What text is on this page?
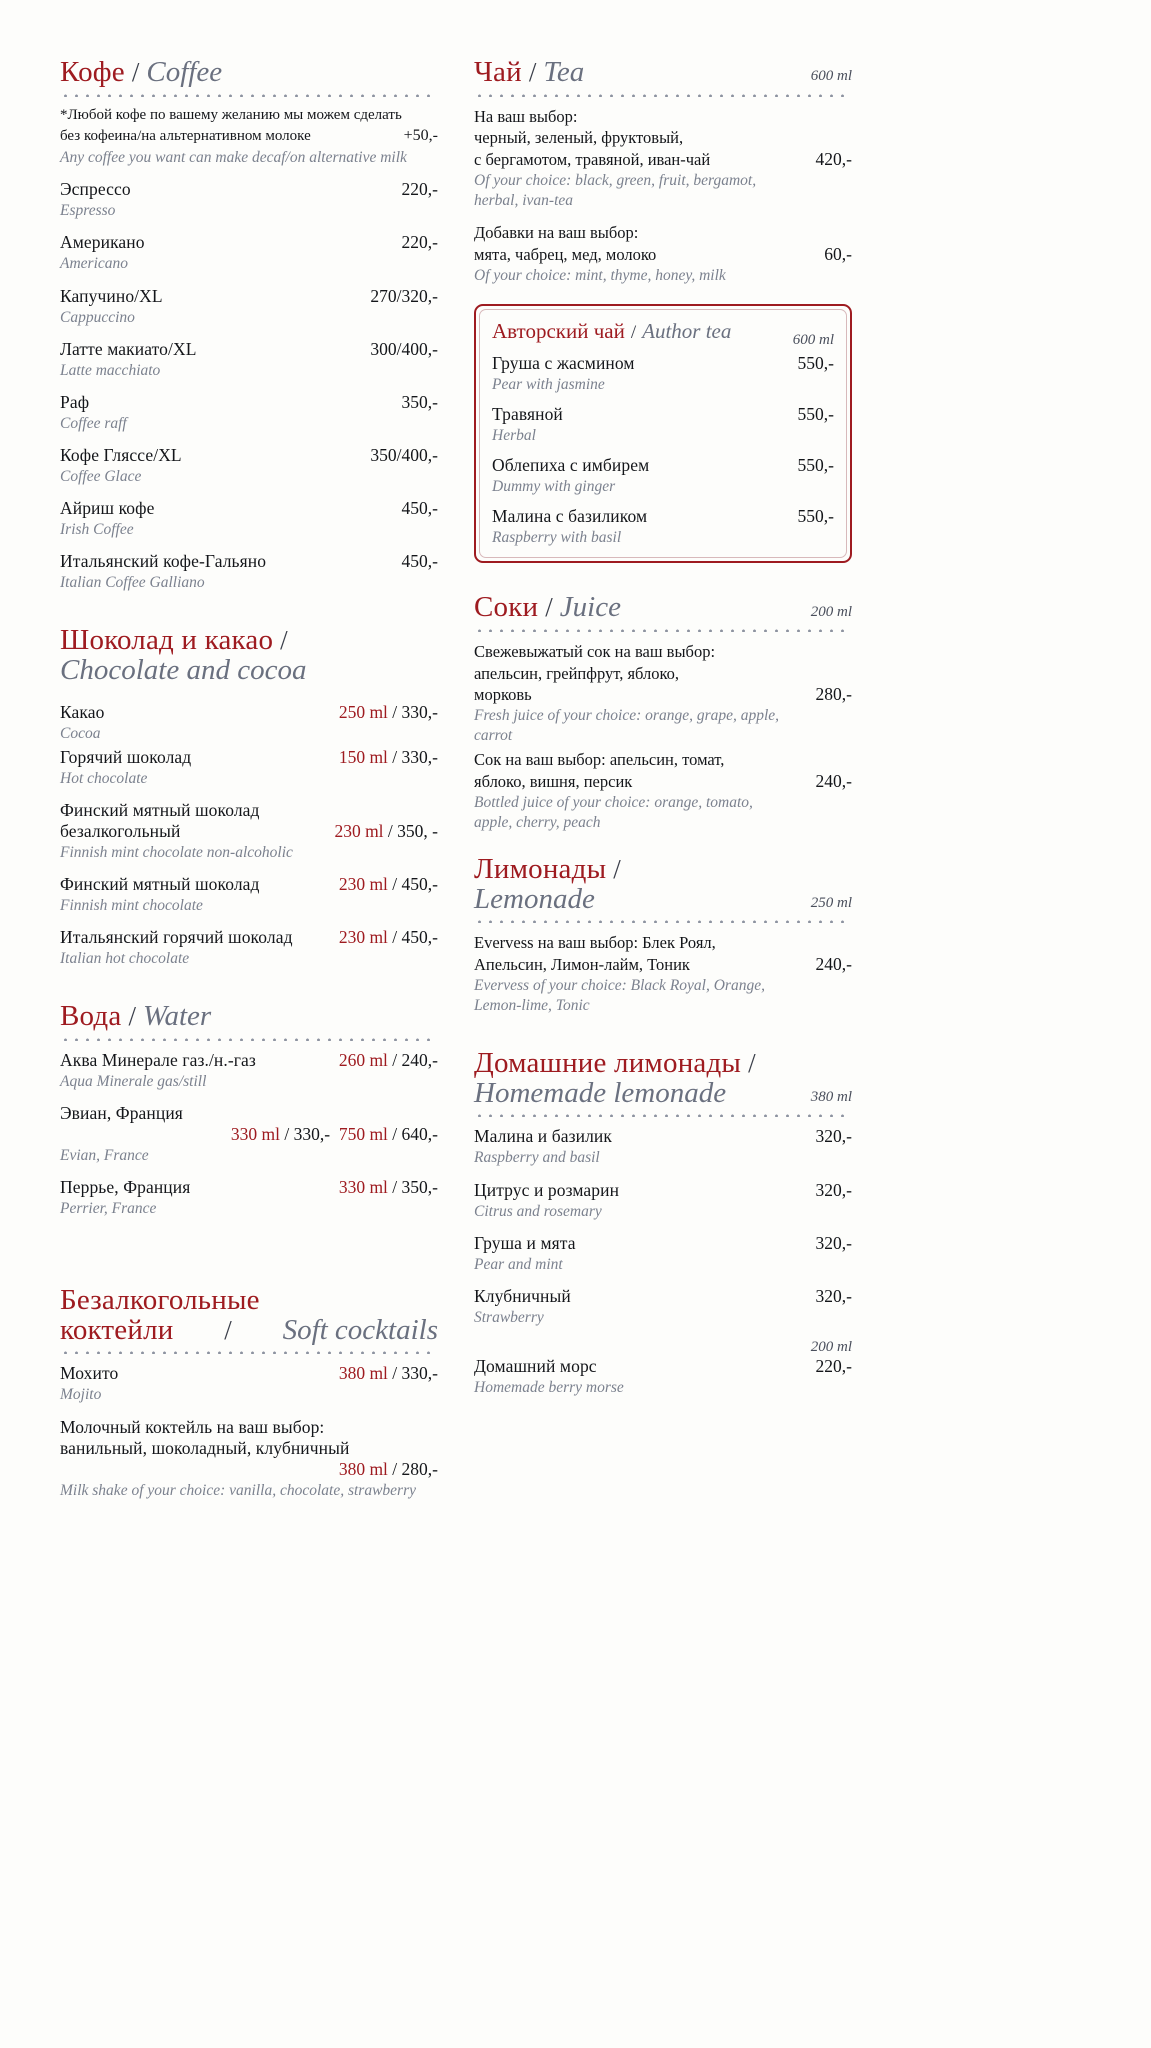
Кофе / Coffee
*Любой кофе по вашему желанию мы можем сделать
без кофеина/на альтернативном молоке	+50,-
Any coffee you want can make decaf/on alternative milk
Эспрессо	220,-
Espresso
Американо	220,-
Americano
Капучино/XL	270/320,-
Cappuccino
Латте макиато/XL	300/400,-
Latte macchiato
Раф	350,-
Coffee raff
Кофе Гляссе/XL	350/400,-
Coffee Glace
Айриш кофе	450,-
Irish Coffee
Итальянский кофе-Гальяно	450,-
Italian Coffee Galliano
Шоколад и какао /
Chocolate and cocoa
Какао	250 ml / 330,-
Cocoa
Горячий шоколад	150 ml / 330,-
Hot chocolate
Финский мятный шоколад
безалкогольный	230 ml / 350, -
Finnish mint chocolate non-alcoholic
Финский мятный шоколад	230 ml / 450,-
Finnish mint chocolate
Итальянский горячий шоколад	230 ml / 450,-
Italian hot chocolate
Вода / Water
Аква Минерале газ./н.-газ	260 ml / 240,-
Aqua Minerale gas/still
Эвиан, Франция
330 ml / 330,- 750 ml / 640,-
Evian, France
Перрье, Франция	330 ml / 350,-
Perrier, France
Безалкогольные
коктейли / Soft cocktails
Мохито	380 ml / 330,-
Mojito
Молочный коктейль на ваш выбор:
ванильный, шоколадный, клубничный
380 ml / 280,-
Milk shake of your choice: vanilla, chocolate, strawberry
Чай / Tea	600 ml
На ваш выбор:
черный, зеленый, фруктовый,
с бергамотом, травяной, иван-чай	420,-
Of your choice: black, green, fruit, bergamot,
herbal, ivan-tea
Добавки на ваш выбор:
мята, чабрец, мед, молоко	60,-
Of your choice: mint, thyme, honey, milk
Авторский чай / Author tea	600 ml
Груша с жасмином	550,-
Pear with jasmine
Травяной	550,-
Herbal
Облепиха с имбирем	550,-
Dummy with ginger
Малина с базиликом	550,-
Raspberry with basil
Соки / Juice	200 ml
Свежевыжатый сок на ваш выбор:
апельсин, грейпфрут, яблоко,
морковь	280,-
Fresh juice of your choice: orange, grape, apple,
carrot
Сок на ваш выбор: апельсин, томат,
яблоко, вишня, персик	240,-
Bottled juice of your choice: orange, tomato,
apple, cherry, peach
Лимонады /
Lemonade	250 ml
Evervess на ваш выбор: Блек Роял,
Апельсин, Лимон-лайм, Тоник	240,-
Evervess of your choice: Black Royal, Orange,
Lemon-lime, Tonic
Домашние лимонады /
Homemade lemonade	380 ml
Малина и базилик	320,-
Raspberry and basil
Цитрус и розмарин	320,-
Citrus and rosemary
Груша и мята	320,-
Pear and mint
Клубничный	320,-
Strawberry
200 ml
Домашний морс	220,-
Homemade berry morse
